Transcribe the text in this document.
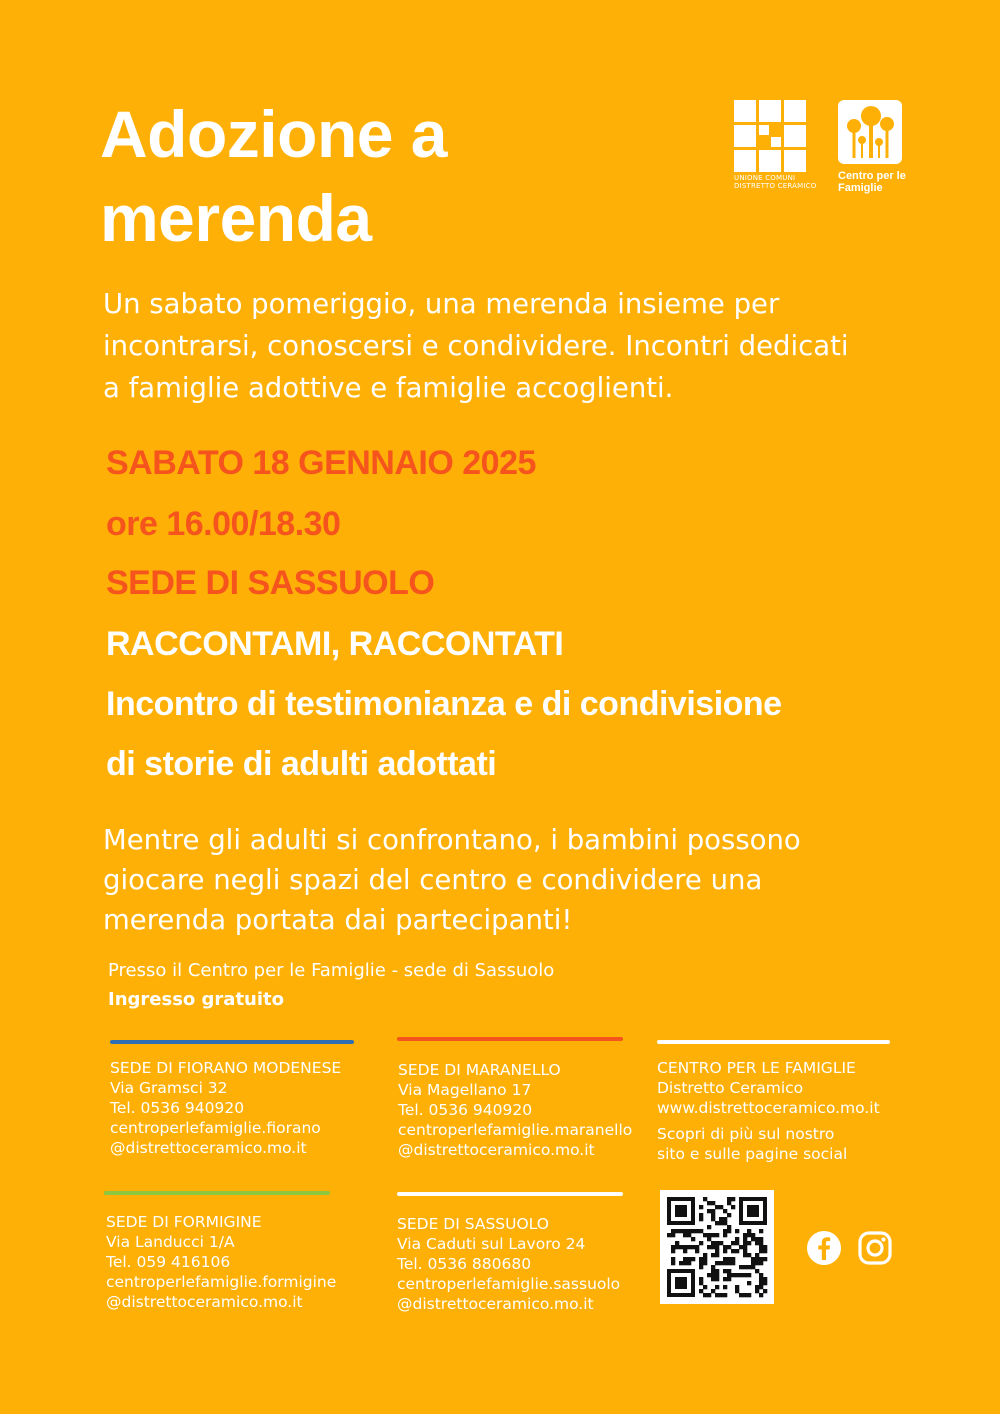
Adozione a
merenda
UNIONE COMUNI
DISTRETTO CERAMICO
Centro per le
Famiglie
Un sabato pomeriggio, una merenda insieme per
incontrarsi, conoscersi e condividere. Incontri dedicati
a famiglie adottive e famiglie accoglienti.
SABATO 18 GENNAIO 2025
ore 16.00/18.30
SEDE DI SASSUOLO
RACCONTAMI, RACCONTATI
Incontro di testimonianza e di condivisione
di storie di adulti adottati
Mentre gli adulti si confrontano, i bambini possono
giocare negli spazi del centro e condividere una
merenda portata dai partecipanti!
Presso il Centro per le Famiglie - sede di Sassuolo
Ingresso gratuito
SEDE DI FIORANO MODENESE
Via Gramsci 32
Tel. 0536 940920
centroperlefamiglie.fiorano
@distrettoceramico.mo.it
SEDE DI MARANELLO
Via Magellano 17
Tel. 0536 940920
centroperlefamiglie.maranello
@distrettoceramico.mo.it
CENTRO PER LE FAMIGLIE
Distretto Ceramico
www.distrettoceramico.mo.it
Scopri di più sul nostro
sito e sulle pagine social
SEDE DI FORMIGINE
Via Landucci 1/A
Tel. 059 416106
centroperlefamiglie.formigine
@distrettoceramico.mo.it
SEDE DI SASSUOLO
Via Caduti sul Lavoro 24
Tel. 0536 880680
centroperlefamiglie.sassuolo
@distrettoceramico.mo.it
